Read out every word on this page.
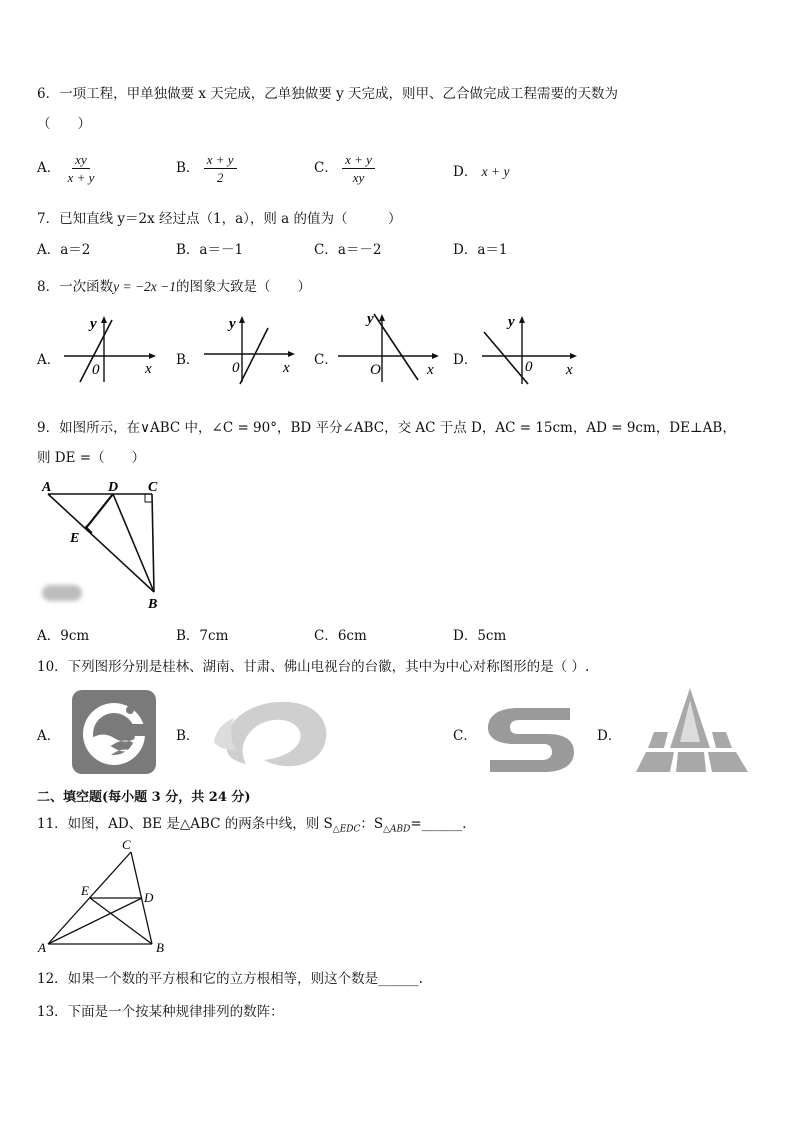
6．一项工程，甲单独做要 x 天完成，乙单独做要 y 天完成，则甲、乙合做完成工程需要的天数为
（　　）
A． $\frac{xy}{x + y}$	B． $\frac{x + y}{2}$	C． $\frac{x + y}{xy}$	D． x + y
7．已知直线 y＝2x 经过点（1，a），则 a 的值为（　　　）
A．a＝2	B．a＝－1	C．a＝－2	D．a＝1
8．一次函数y = −2x −1的图象大致是（　　）
A．
y
x
0
B．
y
x
0	C．
y
x
O
D．
y
x
0
9．如图所示，在∨ABC 中，∠C = 90°，BD 平分∠ABC，交 AC 于点 D，AC = 15cm，AD = 9cm，DE⊥AB，
则 DE =（　　）
A	D C
E
B
A．9cm	B．7cm	C．6cm	D．5cm
10．下列图形分别是桂林、湖南、甘肃、佛山电视台的台徽，其中为中心对称图形的是（ ）.
A．	B．	C．	D．
二、填空题(每小题 3 分，共 24 分)
11．如图，AD、BE 是△ABC 的两条中线，则 $S_{\triangle EDC}$：$S_{\triangle ABD}=\_\_\_\_\_\_$．
C
E	D
A	B
12．如果一个数的平方根和它的立方根相等，则这个数是______.
13．下面是一个按某种规律排列的数阵：
